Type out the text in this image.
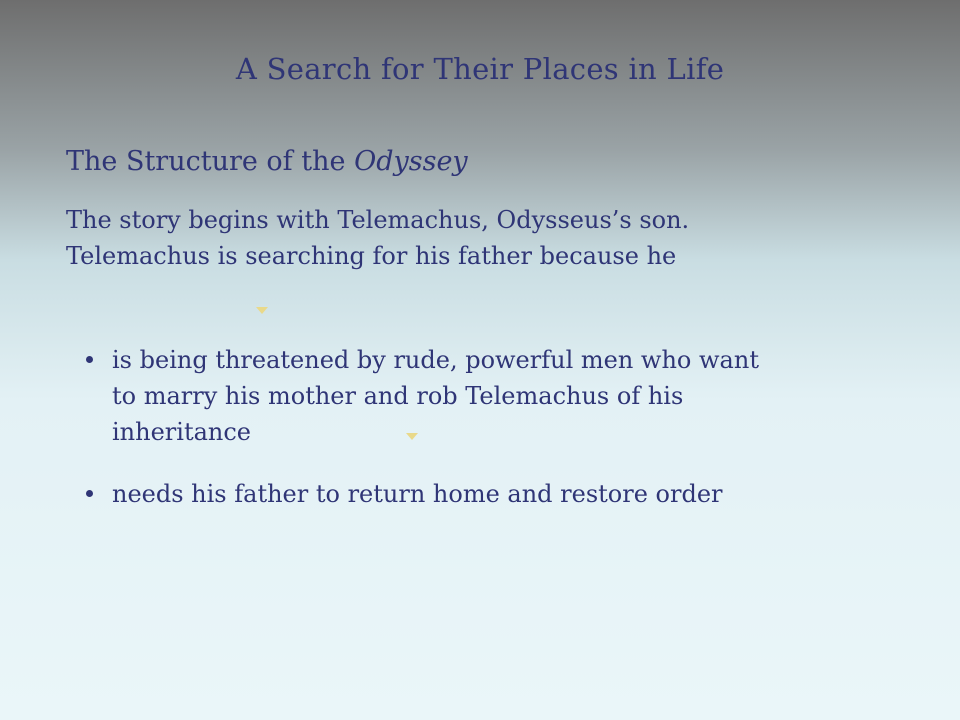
A Search for Their Places in Life
The Structure of the Odyssey
The story begins with Telemachus, Odysseus’s son. Telemachus is searching for his father because he
is being threatened by rude, powerful men who want to marry his mother and rob Telemachus of his inheritance
needs his father to return home and restore order
